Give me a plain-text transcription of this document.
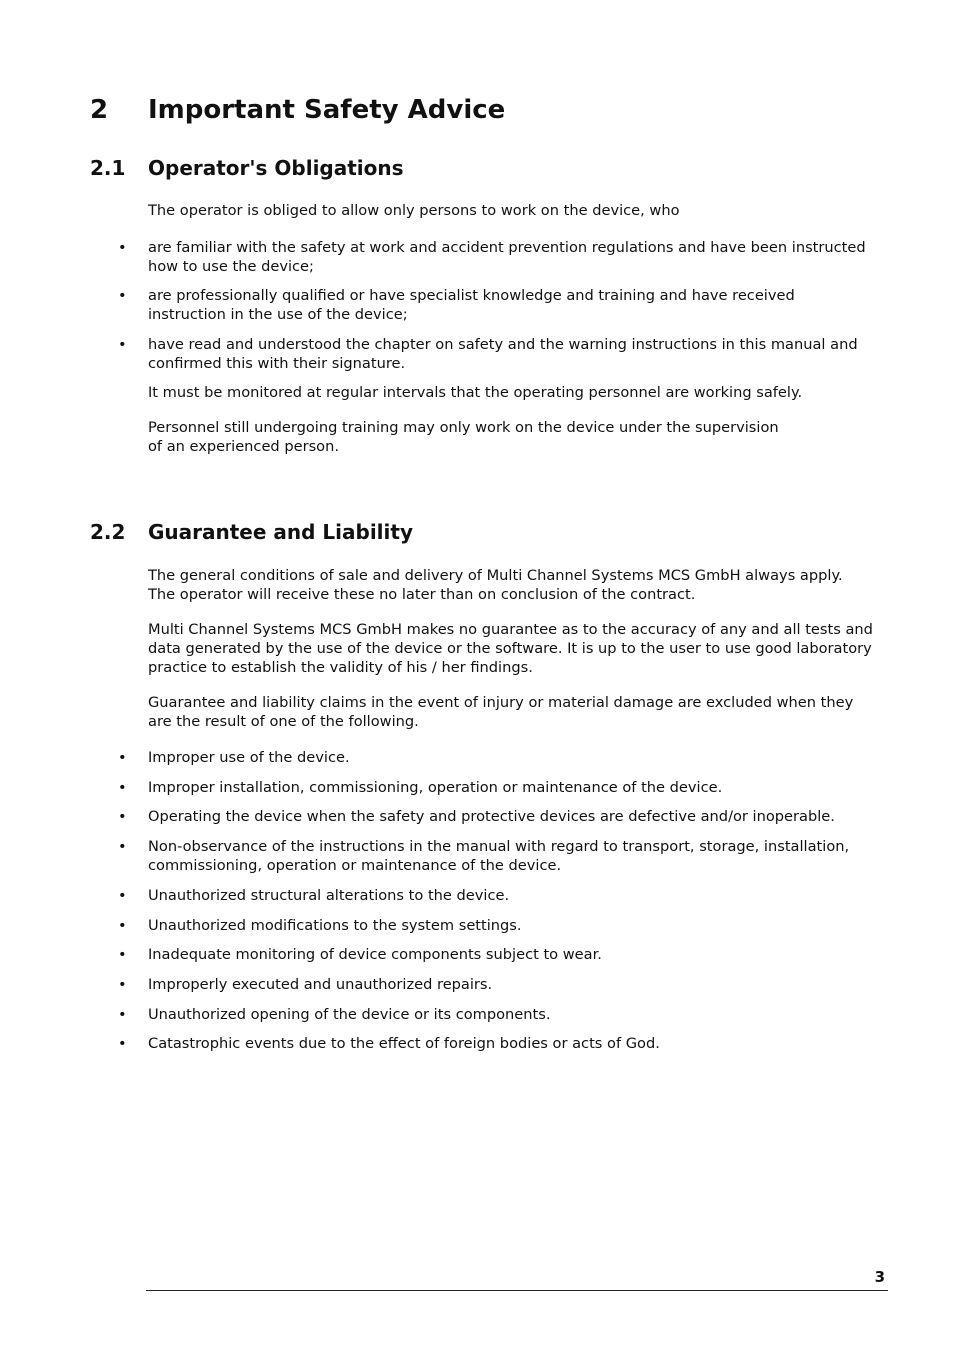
2 Important Safety Advice
2.1 Operator's Obligations
The operator is obliged to allow only persons to work on the device, who
• are familiar with the safety at work and accident prevention regulations and have been instructed how to use the device;
• are professionally qualified or have specialist knowledge and training and have received instruction in the use of the device;
• have read and understood the chapter on safety and the warning instructions in this manual and confirmed this with their signature.
It must be monitored at regular intervals that the operating personnel are working safely.
Personnel still undergoing training may only work on the device under the supervision
of an experienced person.
2.2 Guarantee and Liability
The general conditions of sale and delivery of Multi Channel Systems MCS GmbH always apply. The operator will receive these no later than on conclusion of the contract.
Multi Channel Systems MCS GmbH makes no guarantee as to the accuracy of any and all tests and data generated by the use of the device or the software. It is up to the user to use good laboratory practice to establish the validity of his / her findings.
Guarantee and liability claims in the event of injury or material damage are excluded when they are the result of one of the following.
• Improper use of the device.
• Improper installation, commissioning, operation or maintenance of the device.
• Operating the device when the safety and protective devices are defective and/or inoperable.
• Non-observance of the instructions in the manual with regard to transport, storage, installation, commissioning, operation or maintenance of the device.
• Unauthorized structural alterations to the device.
• Unauthorized modifications to the system settings.
• Inadequate monitoring of device components subject to wear.
• Improperly executed and unauthorized repairs.
• Unauthorized opening of the device or its components.
• Catastrophic events due to the effect of foreign bodies or acts of God.
3
